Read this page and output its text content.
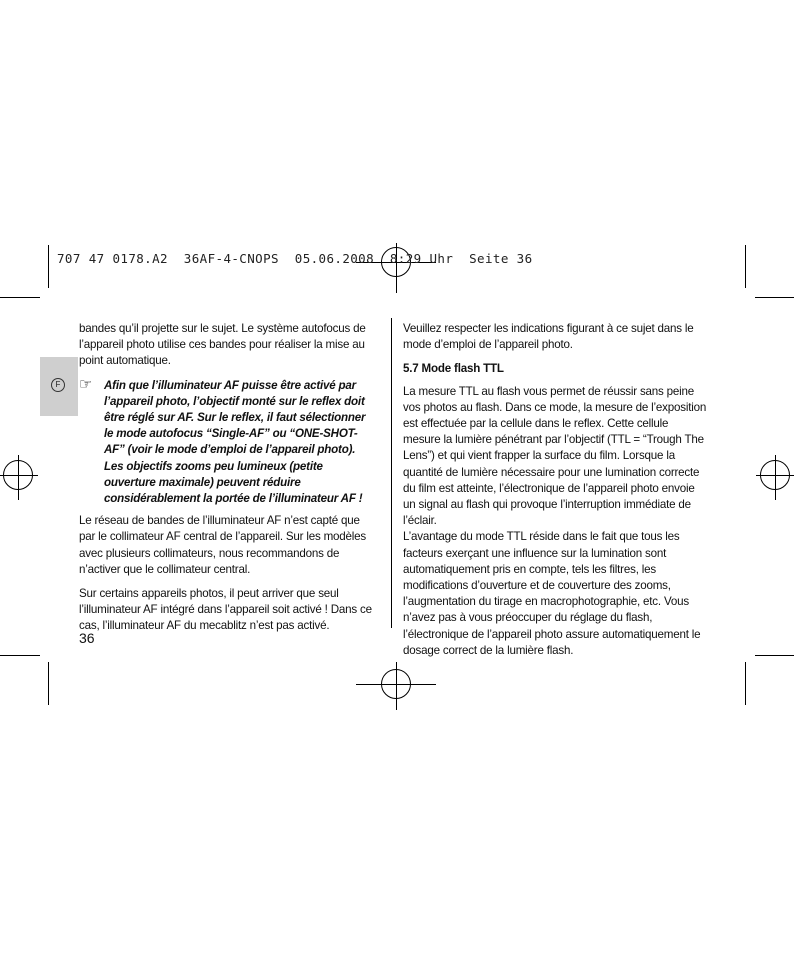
707 47 0178.A2  36AF-4-CNOPS  05.06.2008  8:29 Uhr  Seite 36
F

bandes qu’il projette sur le sujet. Le système autofocus de l’appareil photo utilise ces bandes pour réaliser la mise au point automatique.

☞ Afin que l’illuminateur AF puisse être activé par l’appareil photo, l’objectif monté sur le reflex doit être réglé sur AF. Sur le reflex, il faut sélectionner le mode autofocus “Single-AF” ou “ONE-SHOT-AF” (voir le mode d’emploi de l’appareil photo). Les objectifs zooms peu lumineux (petite ouverture maximale) peuvent réduire considérablement la portée de l’illuminateur AF !

Le réseau de bandes de l’illuminateur AF n’est capté que par le collimateur AF central de l’appareil. Sur les modèles avec plusieurs collimateurs, nous recommandons de n’activer que le collimateur central.

Sur certains appareils photos, il peut arriver que seul l’illuminateur AF intégré dans l’appareil soit activé ! Dans ce cas, l’illuminateur AF du mecablitz n’est pas activé.

36

Veuillez respecter les indications figurant à ce sujet dans le mode d’emploi de l’appareil photo.

5.7 Mode flash TTL

La mesure TTL au flash vous permet de réussir sans peine vos photos au flash. Dans ce mode, la mesure de l’exposition est effectuée par la cellule dans le reflex. Cette cellule mesure la lumière pénétrant par l’objectif (TTL = “Trough The Lens”) et qui vient frapper la surface du film. Lorsque la quantité de lumière nécessaire pour une lumination correcte du film est atteinte, l’électronique de l’appareil photo envoie un signal au flash qui provoque l’interruption immédiate de l’éclair.

L’avantage du mode TTL réside dans le fait que tous les facteurs exerçant une influence sur la lumination sont automatiquement pris en compte, tels les filtres, les modifications d’ouverture et de couverture des zooms, l’augmentation du tirage en macrophotographie, etc. Vous n’avez pas à vous préoccuper du réglage du flash, l’électronique de l’appareil photo assure automatiquement le dosage correct de la lumière flash.
